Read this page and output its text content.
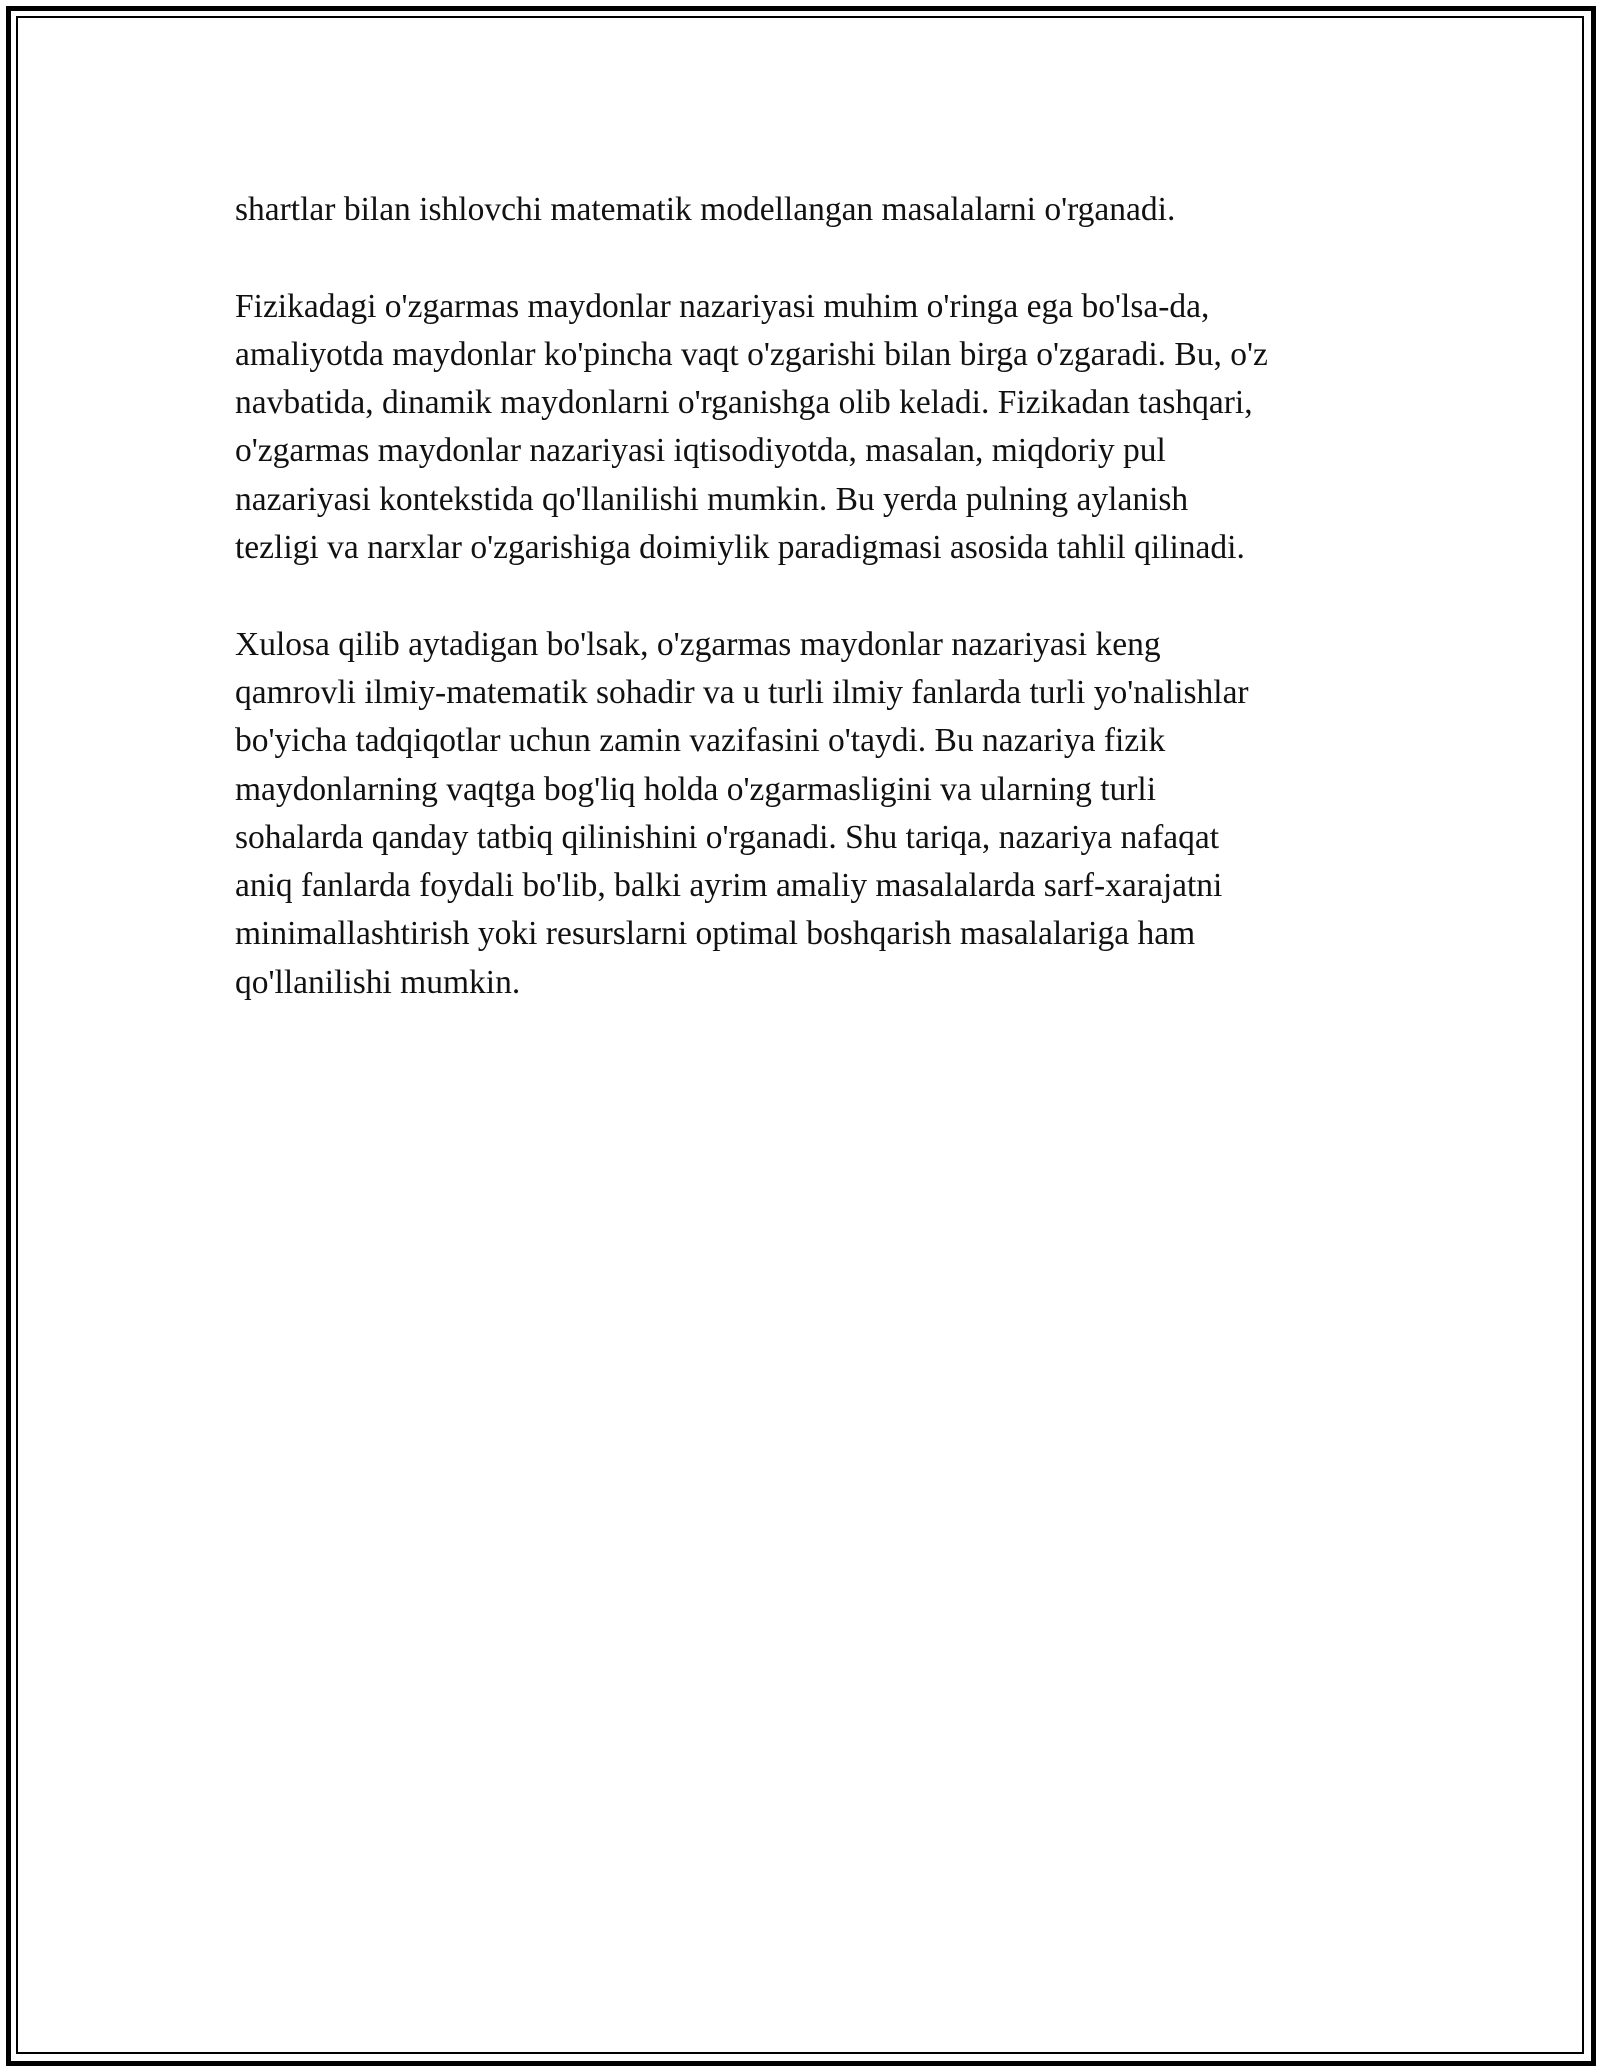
shartlar bilan ishlovchi matematik modellangan masalalarni o'rganadi.

Fizikadagi o'zgarmas maydonlar nazariyasi muhim o'ringa ega bo'lsa-da,
amaliyotda maydonlar ko'pincha vaqt o'zgarishi bilan birga o'zgaradi. Bu, o'z
navbatida, dinamik maydonlarni o'rganishga olib keladi. Fizikadan tashqari,
o'zgarmas maydonlar nazariyasi iqtisodiyotda, masalan, miqdoriy pul
nazariyasi kontekstida qo'llanilishi mumkin. Bu yerda pulning aylanish
tezligi va narxlar o'zgarishiga doimiylik paradigmasi asosida tahlil qilinadi.

Xulosa qilib aytadigan bo'lsak, o'zgarmas maydonlar nazariyasi keng
qamrovli ilmiy-matematik sohadir va u turli ilmiy fanlarda turli yo'nalishlar
bo'yicha tadqiqotlar uchun zamin vazifasini o'taydi. Bu nazariya fizik
maydonlarning vaqtga bog'liq holda o'zgarmasligini va ularning turli
sohalarda qanday tatbiq qilinishini o'rganadi. Shu tariqa, nazariya nafaqat
aniq fanlarda foydali bo'lib, balki ayrim amaliy masalalarda sarf-xarajatni
minimallashtirish yoki resurslarni optimal boshqarish masalalariga ham
qo'llanilishi mumkin.
